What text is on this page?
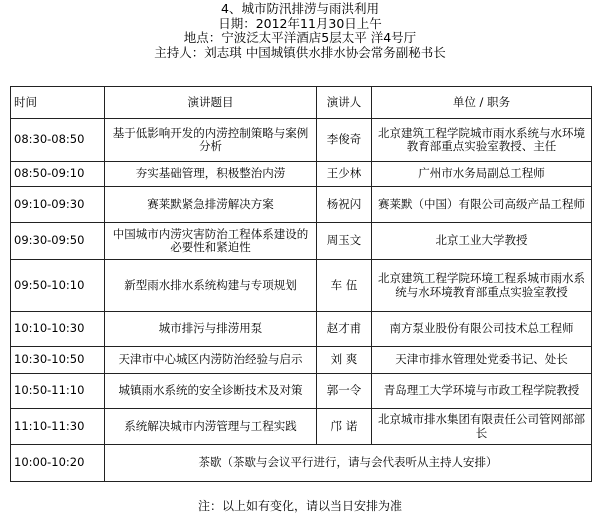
4、城市防汛排涝与雨洪利用
日期：2012年11月30日上午
地点：宁波泛太平洋酒店5层太平 洋4号厅
主持人：刘志琪 中国城镇供水排水协会常务副秘书长
时间	演讲题目	演讲人	单位 / 职务
08:30-08:50	基于低影响开发的内涝控制策略与案例分析	李俊奇	北京建筑工程学院城市雨水系统与水环境教育部重点实验室教授、主任
08:50-09:10	夯实基础管理，积极整治内涝	王少林	广州市水务局副总工程师
09:10-09:30	赛莱默紧急排涝解决方案	杨祝闪	赛莱默（中国）有限公司高级产品工程师
09:30-09:50	中国城市内涝灾害防治工程体系建设的必要性和紧迫性	周玉文	北京工业大学教授
09:50-10:10	新型雨水排水系统构建与专项规划	车 伍	北京建筑工程学院环境工程系城市雨水系统与水环境教育部重点实验室教授
10:10-10:30	城市排污与排涝用泵	赵才甫	南方泵业股份有限公司技术总工程师
10:30-10:50	天津市中心城区内涝防治经验与启示	刘 爽	天津市排水管理处党委书记、处长
10:50-11:10	城镇雨水系统的安全诊断技术及对策	郭一令	青岛理工大学环境与市政工程学院教授
11:10-11:30	系统解决城市内涝管理与工程实践	邝 诺	北京城市排水集团有限责任公司管网部部长
10:00-10:20	茶歇（茶歇与会议平行进行，请与会代表听从主持人安排）		
注：以上如有变化，请以当日安排为准
